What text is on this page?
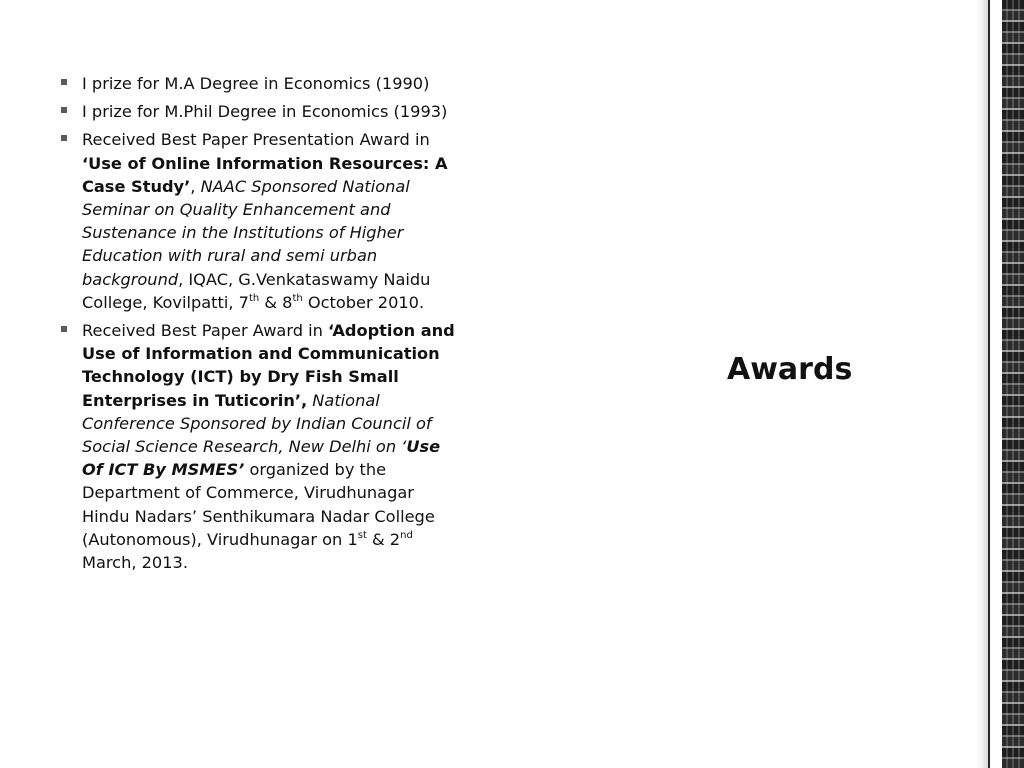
I prize for M.A Degree in Economics (1990)
I prize for M.Phil Degree in Economics (1993)
Received Best Paper Presentation Award in ‘Use of Online Information Resources: A Case Study’, NAAC Sponsored National Seminar on Quality Enhancement and Sustenance in the Institutions of Higher Education with rural and semi urban background, IQAC, G.Venkataswamy Naidu College, Kovilpatti, 7th & 8th October 2010.
Received Best Paper Award in ‘Adoption and Use of Information and Communication Technology (ICT) by Dry Fish Small Enterprises in Tuticorin’, National Conference Sponsored by Indian Council of Social Science Research, New Delhi on ‘Use Of ICT By MSMES’ organized by the Department of Commerce, Virudhunagar Hindu Nadars’ Senthikumara Nadar College (Autonomous), Virudhunagar on 1st & 2nd March, 2013.
Awards
